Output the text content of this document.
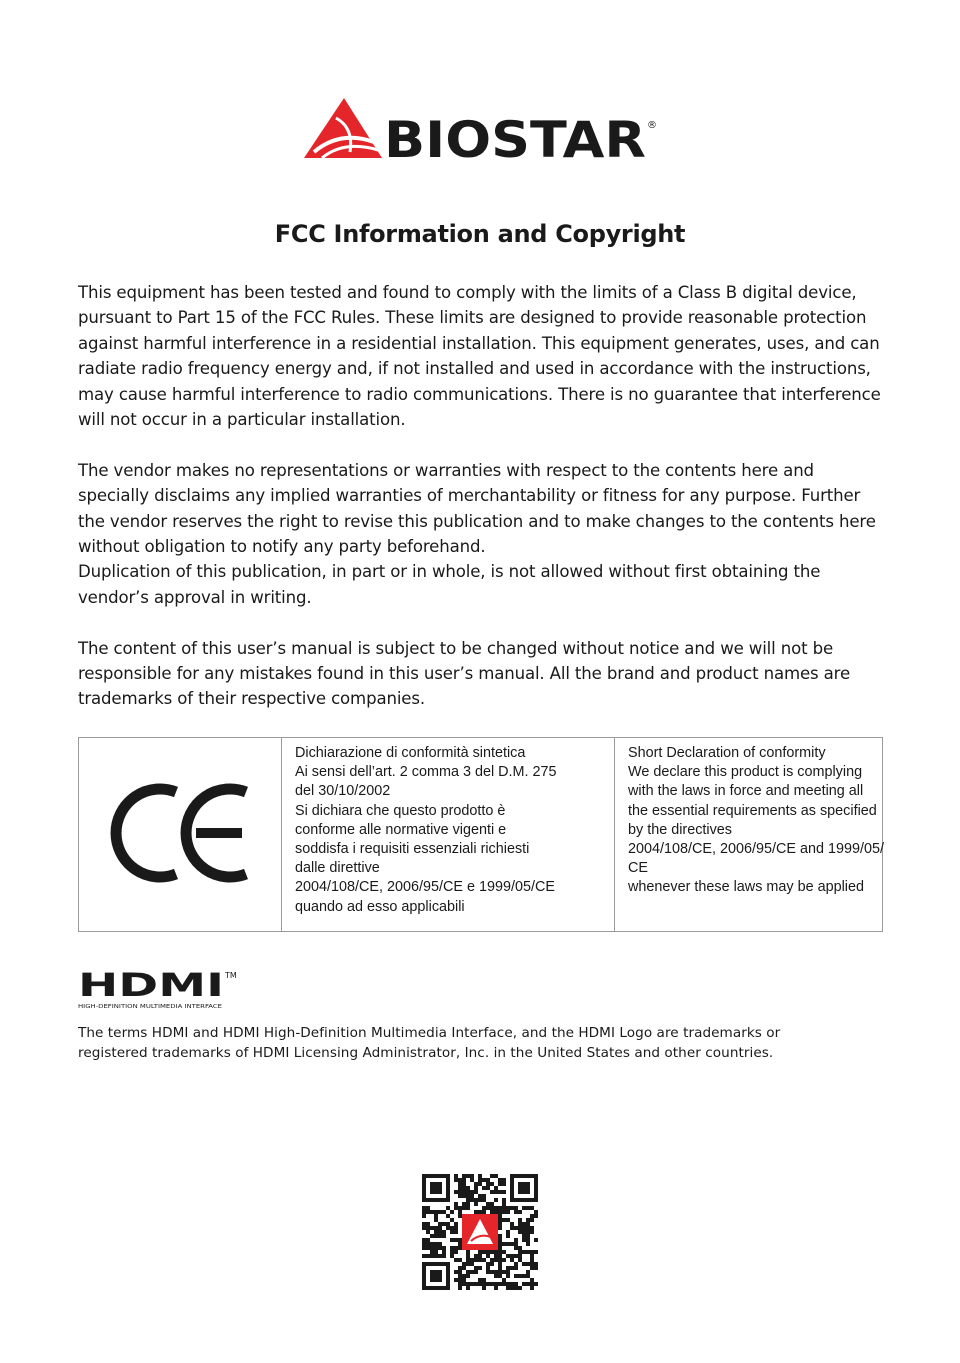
BIOSTAR ®
FCC Information and Copyright

This equipment has been tested and found to comply with the limits of a Class B digital device,
pursuant to Part 15 of the FCC Rules. These limits are designed to provide reasonable protection
against harmful interference in a residential installation. This equipment generates, uses, and can
radiate radio frequency energy and, if not installed and used in accordance with the instructions,
may cause harmful interference to radio communications. There is no guarantee that interference
will not occur in a particular installation.

The vendor makes no representations or warranties with respect to the contents here and
specially disclaims any implied warranties of merchantability or fitness for any purpose. Further
the vendor reserves the right to revise this publication and to make changes to the contents here
without obligation to notify any party beforehand.
Duplication of this publication, in part or in whole, is not allowed without first obtaining the
vendor’s approval in writing.

The content of this user’s manual is subject to be changed without notice and we will not be
responsible for any mistakes found in this user’s manual. All the brand and product names are
trademarks of their respective companies.

Dichiarazione di conformità sintetica
Ai sensi dell’art. 2 comma 3 del D.M. 275
del 30/10/2002
Si dichiara che questo prodotto è
conforme alle normative vigenti e
soddisfa i requisiti essenziali richiesti
dalle direttive
2004/108/CE, 2006/95/CE e 1999/05/CE
quando ad esso applicabili

Short Declaration of conformity
We declare this product is complying
with the laws in force and meeting all
the essential requirements as specified
by the directives
2004/108/CE, 2006/95/CE and 1999/05/
CE
whenever these laws may be applied
HDMI TM
HIGH-DEFINITION MULTIMEDIA INTERFACE
The terms HDMI and HDMI High-Definition Multimedia Interface, and the HDMI Logo are trademarks or
registered trademarks of HDMI Licensing Administrator, Inc. in the United States and other countries.
